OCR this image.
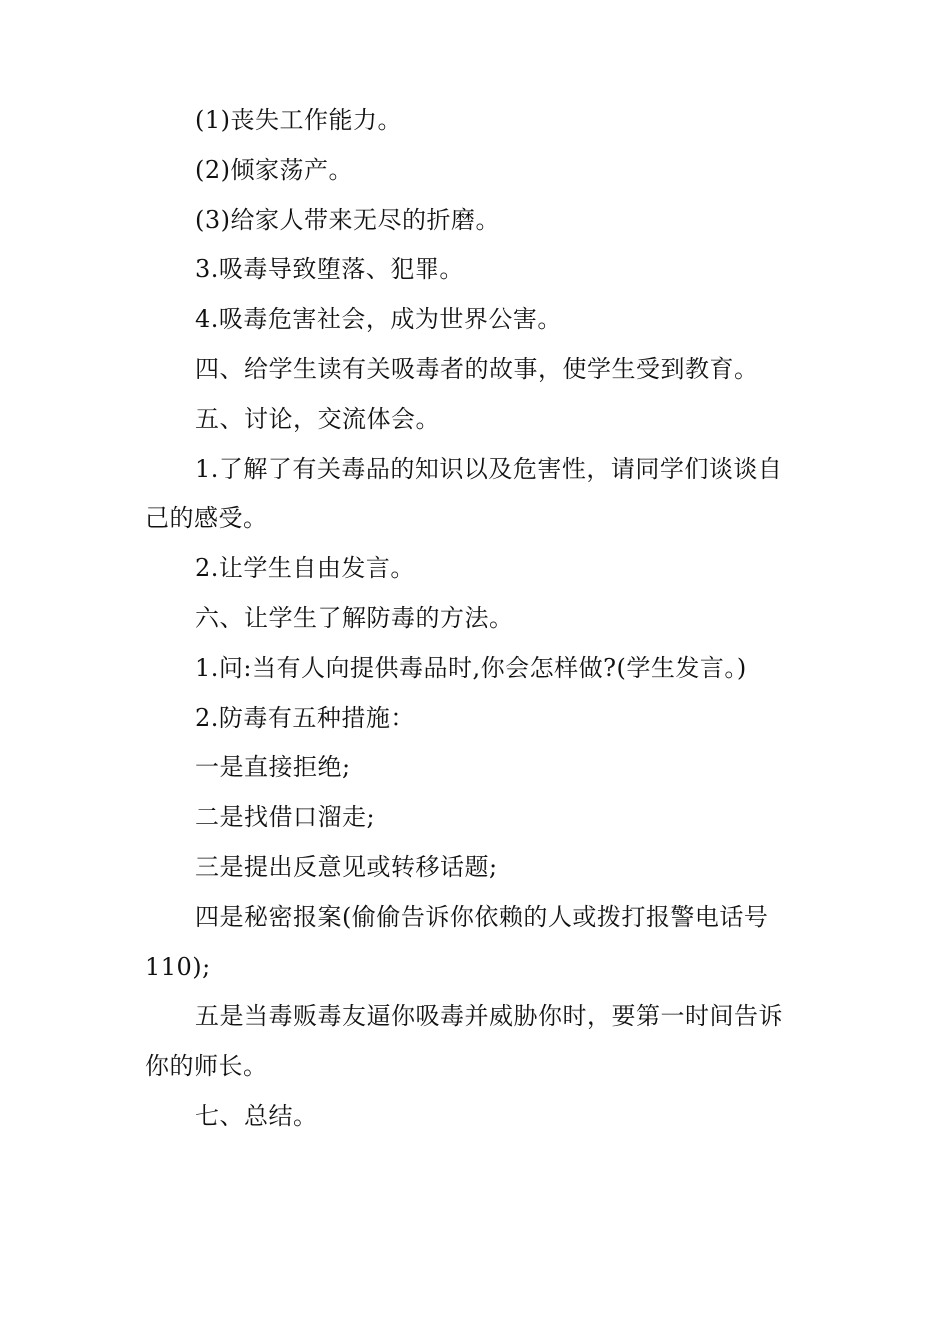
(1)丧失工作能力。

(2)倾家荡产。

(3)给家人带来无尽的折磨。

3.吸毒导致堕落、犯罪。

4.吸毒危害社会，成为世界公害。

四、给学生读有关吸毒者的故事，使学生受到教育。

五、讨论，交流体会。

1.了解了有关毒品的知识以及危害性，请同学们谈谈自己的感受。

2.让学生自由发言。

六、让学生了解防毒的方法。

1.问:当有人向提供毒品时,你会怎样做?(学生发言。)

2.防毒有五种措施：

一是直接拒绝;

二是找借口溜走;

三是提出反意见或转移话题;

四是秘密报案(偷偷告诉你依赖的人或拨打报警电话号 110);

五是当毒贩毒友逼你吸毒并威胁你时，要第一时间告诉你的师长。

七、总结。
